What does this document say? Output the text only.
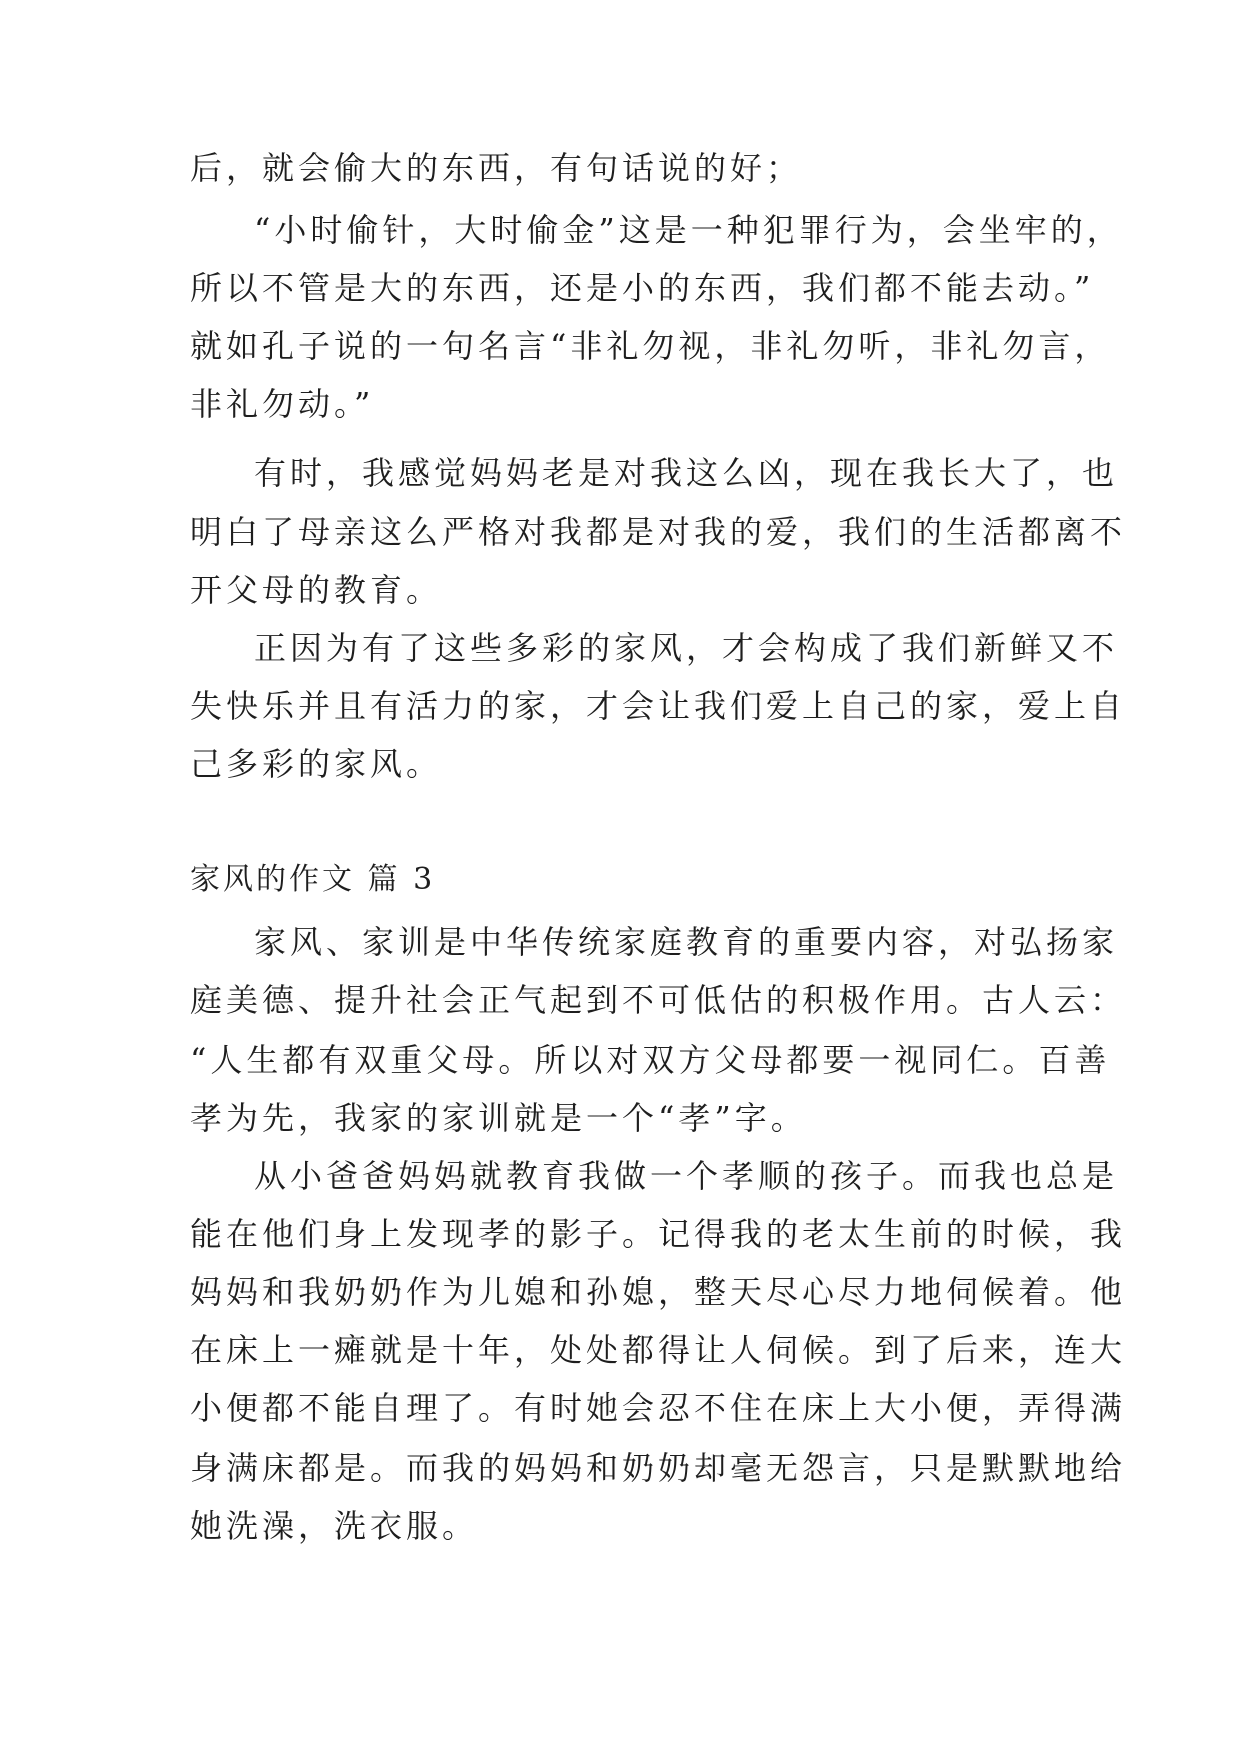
后，就会偷大的东西，有句话说的好；
“小时偷针，大时偷金”这是一种犯罪行为，会坐牢的，
所以不管是大的东西，还是小的东西，我们都不能去动。”
就如孔子说的一句名言“非礼勿视，非礼勿听，非礼勿言，
非礼勿动。”
有时，我感觉妈妈老是对我这么凶，现在我长大了，也
明白了母亲这么严格对我都是对我的爱，我们的生活都离不
开父母的教育。
正因为有了这些多彩的家风，才会构成了我们新鲜又不
失快乐并且有活力的家，才会让我们爱上自己的家，爱上自
己多彩的家风。
家风的作文 篇 3
家风、家训是中华传统家庭教育的重要内容，对弘扬家
庭美德、提升社会正气起到不可低估的积极作用。古人云：
“人生都有双重父母。所以对双方父母都要一视同仁。百善
孝为先，我家的家训就是一个“孝”字。
从小爸爸妈妈就教育我做一个孝顺的孩子。而我也总是
能在他们身上发现孝的影子。记得我的老太生前的时候，我
妈妈和我奶奶作为儿媳和孙媳，整天尽心尽力地伺候着。他
在床上一瘫就是十年，处处都得让人伺候。到了后来，连大
小便都不能自理了。有时她会忍不住在床上大小便，弄得满
身满床都是。而我的妈妈和奶奶却毫无怨言，只是默默地给
她洗澡，洗衣服。
